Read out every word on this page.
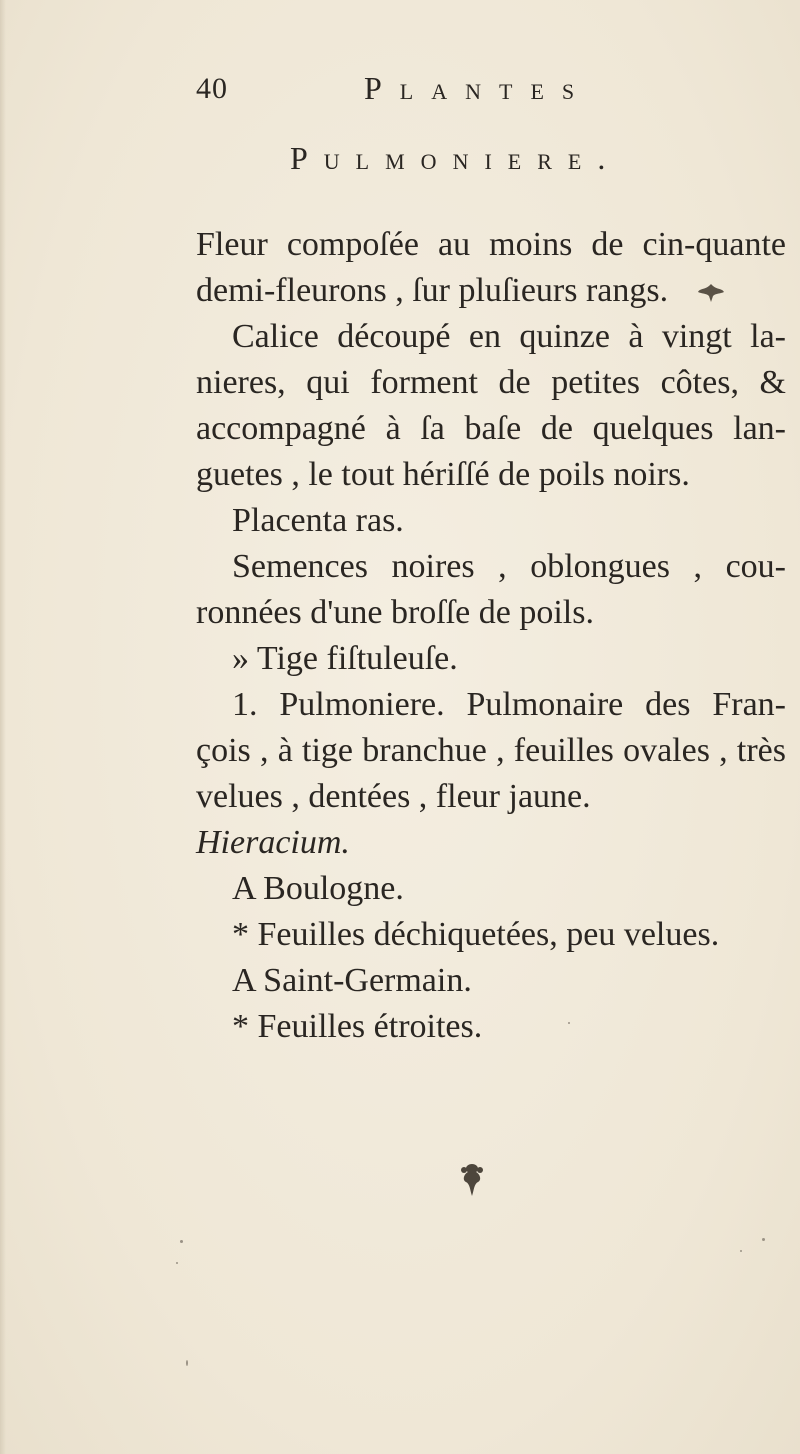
40	Plantes
Pulmoniere.

Fleur compoſée au moins de cin-quante demi-fleurons , ſur pluſieurs rangs.

Calice découpé en quinze à vingt la-nieres, qui forment de petites côtes, & accompagné à ſa baſe de quelques lan-guetes , le tout hériſſé de poils noirs.

Placenta ras.

Semences noires , oblongues , cou-ronnées d'une broſſe de poils.

» Tige fiſtuleuſe.

1. Pulmoniere. Pulmonaire des Fran-çois , à tige branchue , feuilles ovales , très velues , dentées , fleur jaune.

Hieracium.

A Boulogne.

* Feuilles déchiquetées, peu velues.

A Saint-Germain.

* Feuilles étroites.
